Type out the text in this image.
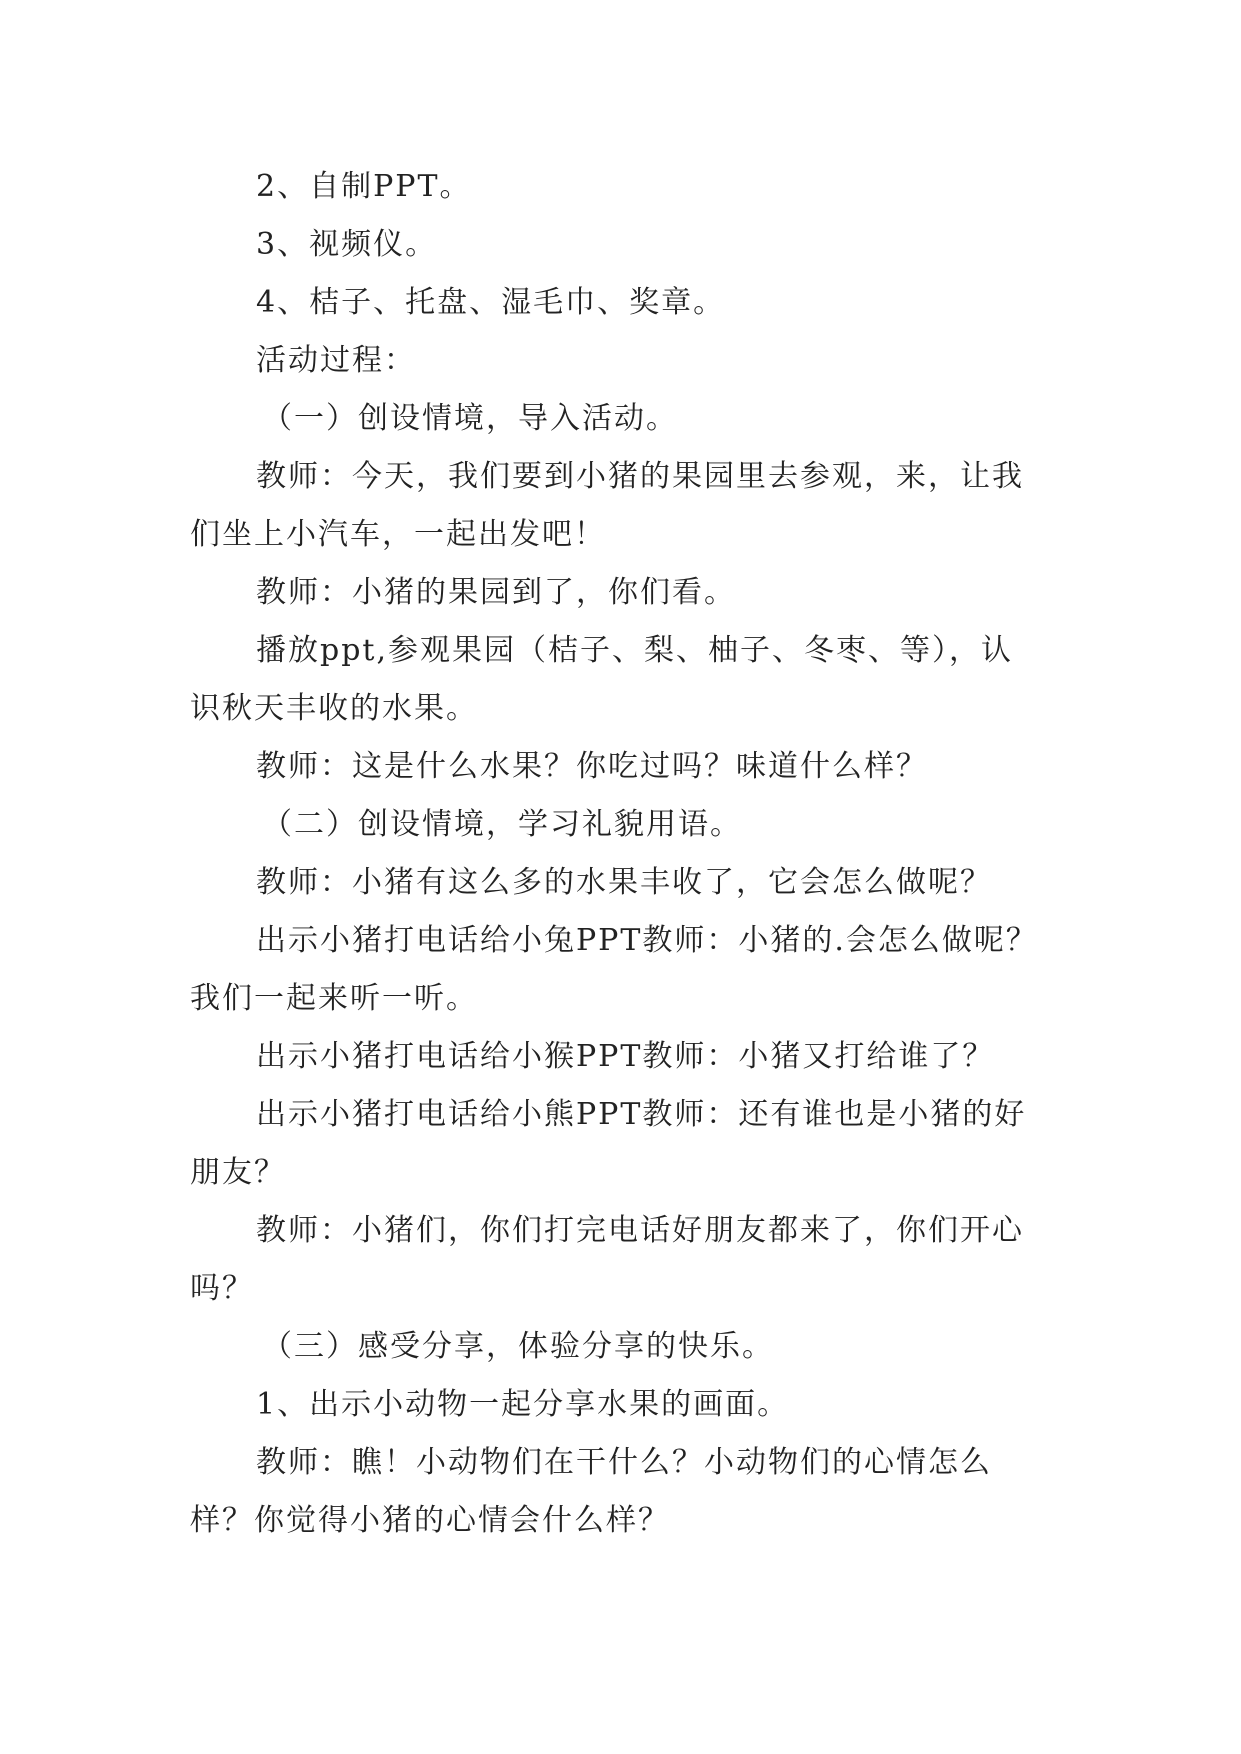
2、自制PPT。
3、视频仪。
4、桔子、托盘、湿毛巾、奖章。
活动过程：
（一）创设情境，导入活动。
教师：今天，我们要到小猪的果园里去参观，来，让我
们坐上小汽车，一起出发吧！
教师：小猪的果园到了，你们看。
播放ppt,参观果园（桔子、梨、柚子、冬枣、等），认
识秋天丰收的水果。
教师：这是什么水果？你吃过吗？味道什么样？
（二）创设情境，学习礼貌用语。
教师：小猪有这么多的水果丰收了，它会怎么做呢？
出示小猪打电话给小兔PPT教师：小猪的.会怎么做呢？
我们一起来听一听。
出示小猪打电话给小猴PPT教师：小猪又打给谁了？
出示小猪打电话给小熊PPT教师：还有谁也是小猪的好
朋友？
教师：小猪们，你们打完电话好朋友都来了，你们开心
吗？
（三）感受分享，体验分享的快乐。
1、出示小动物一起分享水果的画面。
教师：瞧！小动物们在干什么？小动物们的心情怎么
样？你觉得小猪的心情会什么样？
